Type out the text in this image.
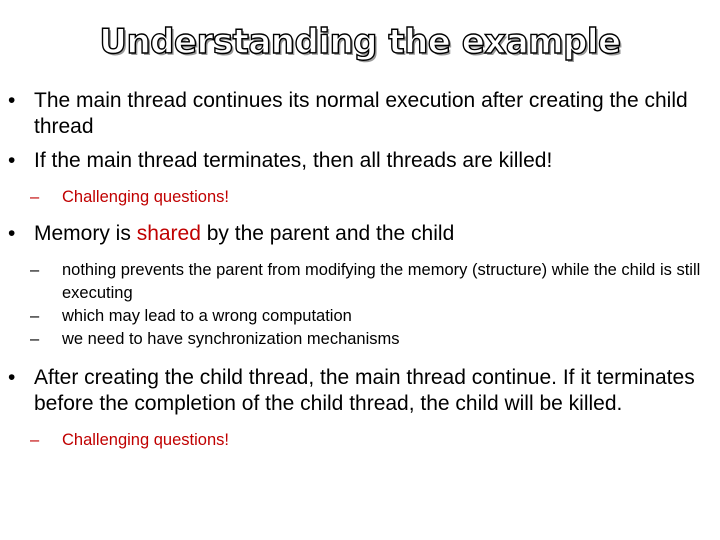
Understanding the example
• The main thread continues its normal execution after creating the child thread
• If the main thread terminates, then all threads are killed!
–	Challenging questions!
• Memory is shared by the parent and the child
–	nothing prevents the parent from modifying the memory (structure) while the child is still executing
–	which may lead to a wrong computation
–	we need to have synchronization mechanisms
• After creating the child thread, the main thread continue. If it terminates before the completion of the child thread, the child will be killed.
–	Challenging questions!
